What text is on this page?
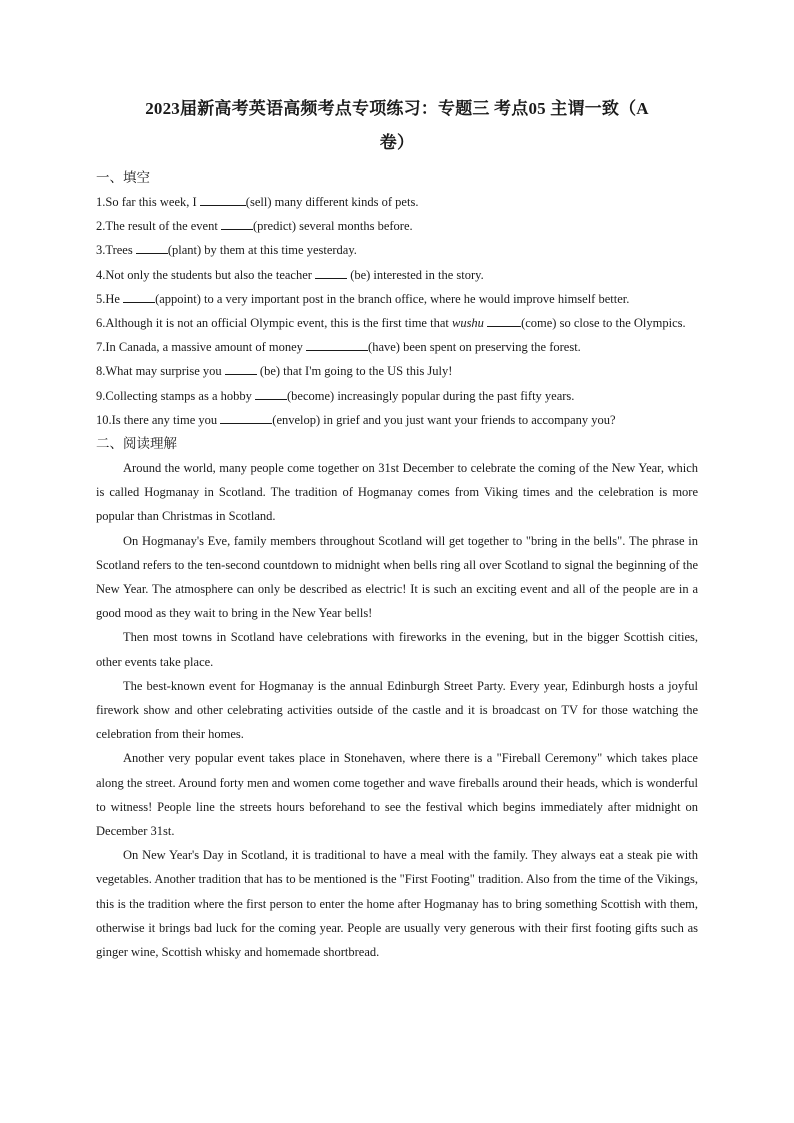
2023届新高考英语高频考点专项练习：专题三 考点05 主谓一致（A
卷）

一、填空
1.So far this week, I	(sell) many different kinds of pets.
2.The result of the event	(predict) several months before.
3.Trees	(plant) by them at this time yesterday.
4.Not only the students but also the teacher	(be) interested in the story.
5.He	(appoint) to a very important post in the branch office, where he would improve himself better.
6.Although it is not an official Olympic event, this is the first time that wushu	(come) so close to the Olympics.
7.In Canada, a massive amount of money	(have) been spent on preserving the forest.
8.What may surprise you	(be) that I'm going to the US this July!
9.Collecting stamps as a hobby	(become) increasingly popular during the past fifty years.
10.Is there any time you	(envelop) in grief and you just want your friends to accompany you?
二、阅读理解

Around the world, many people come together on 31st December to celebrate the coming of the New Year, which is called Hogmanay in Scotland. The tradition of Hogmanay comes from Viking times and the celebration is more popular than Christmas in Scotland.

On Hogmanay's Eve, family members throughout Scotland will get together to "bring in the bells". The phrase in Scotland refers to the ten-second countdown to midnight when bells ring all over Scotland to signal the beginning of the New Year. The atmosphere can only be described as electric! It is such an exciting event and all of the people are in a good mood as they wait to bring in the New Year bells!

Then most towns in Scotland have celebrations with fireworks in the evening, but in the bigger Scottish cities, other events take place.

The best-known event for Hogmanay is the annual Edinburgh Street Party. Every year, Edinburgh hosts a joyful firework show and other celebrating activities outside of the castle and it is broadcast on TV for those watching the celebration from their homes.

Another very popular event takes place in Stonehaven, where there is a "Fireball Ceremony" which takes place along the street. Around forty men and women come together and wave fireballs around their heads, which is wonderful to witness! People line the streets hours beforehand to see the festival which begins immediately after midnight on December 31st.

On New Year's Day in Scotland, it is traditional to have a meal with the family. They always eat a steak pie with vegetables. Another tradition that has to be mentioned is the "First Footing" tradition. Also from the time of the Vikings, this is the tradition where the first person to enter the home after Hogmanay has to bring something Scottish with them, otherwise it brings bad luck for the coming year. People are usually very generous with their first footing gifts such as ginger wine, Scottish whisky and homemade shortbread.
